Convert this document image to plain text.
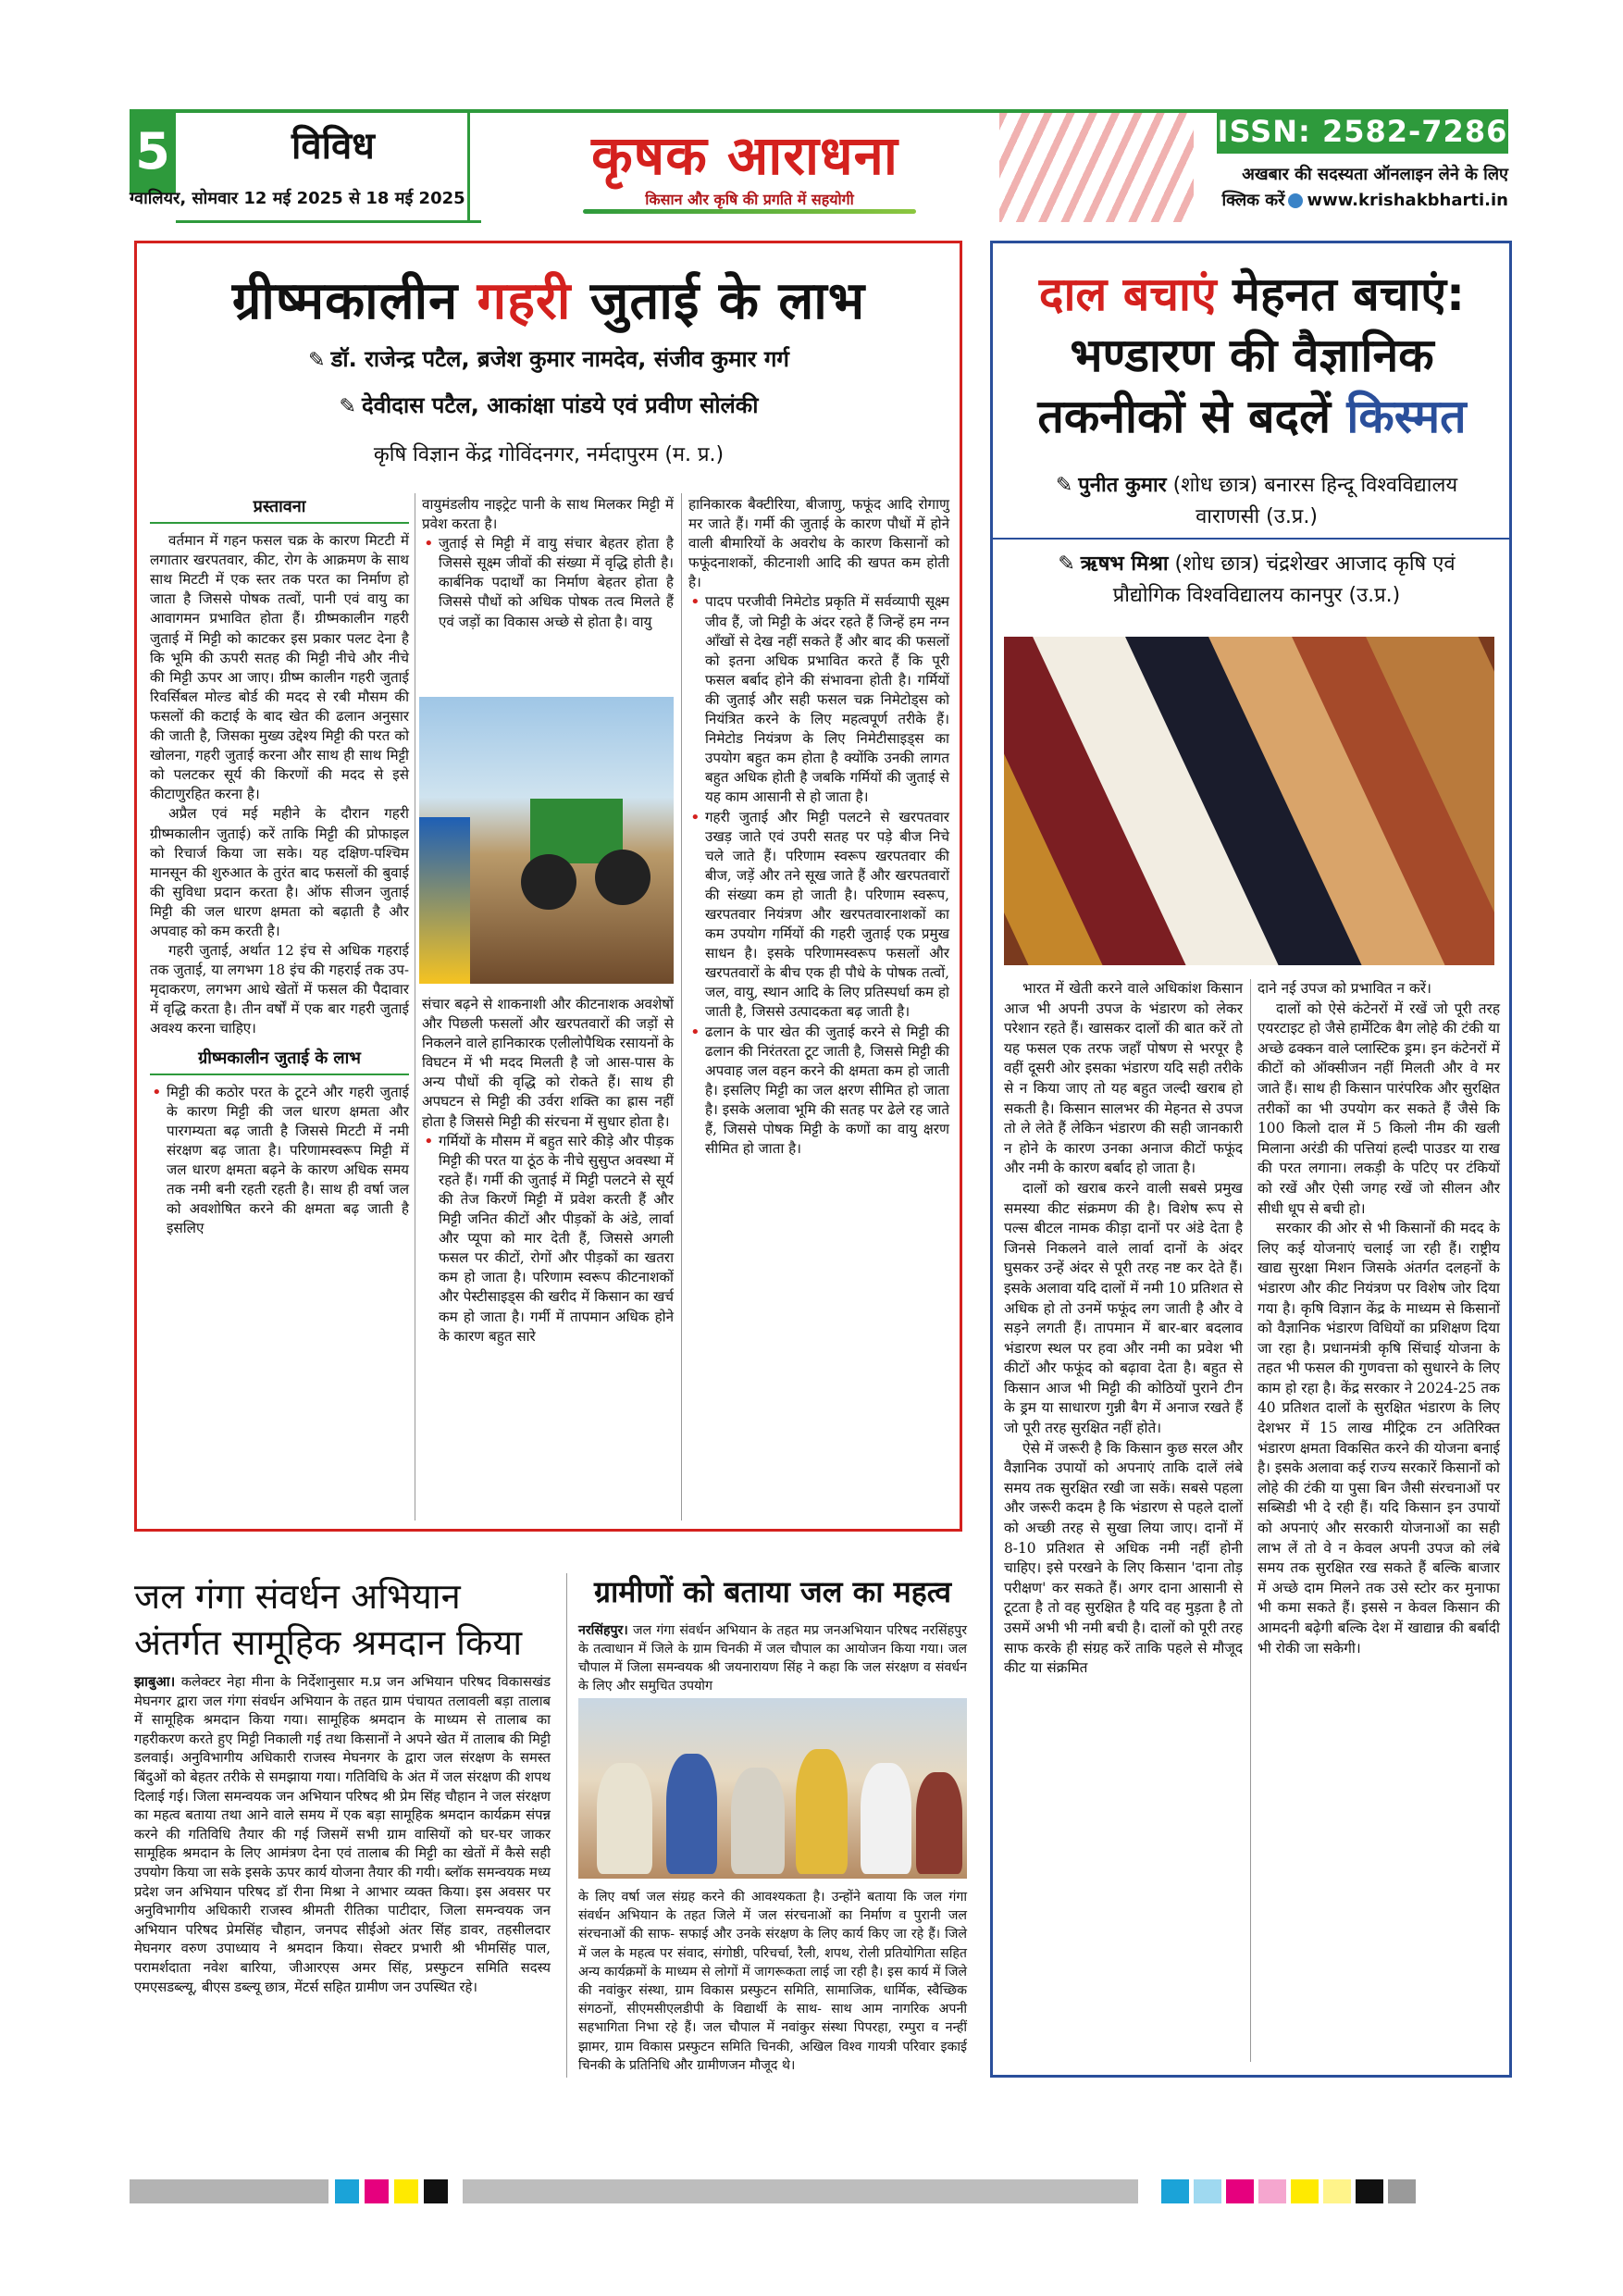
5	विविध
ग्वालियर, सोमवार 12 मई 2025 से 18 मई 2025
कृषक आराधना
किसान और कृषि की प्रगति में सहयोगी
ISSN: 2582-7286
अखबार की सदस्यता ऑनलाइन लेने के लिए
क्लिक करें www.krishakbharti.in
ग्रीष्मकालीन गहरी जुताई के लाभ
✎ डॉ. राजेन्द्र पटैल, ब्रजेश कुमार नामदेव, संजीव कुमार गर्ग
✎ देवीदास पटैल, आकांक्षा पांडये एवं प्रवीण सोलंकी
कृषि विज्ञान केंद्र गोविंदनगर, नर्मदापुरम (म. प्र.)
प्रस्तावना

वर्तमान में गहन फसल चक्र के कारण मिटटी में लगातार खरपतवार, कीट, रोग के आक्रमण के साथ साथ मिटटी में एक स्तर तक परत का निर्माण हो जाता है जिससे पोषक तत्वों, पानी एवं वायु का आवागमन प्रभावित होता हैं। ग्रीष्मकालीन गहरी जुताई में मिट्टी को काटकर इस प्रकार पलट देना है कि भूमि की ऊपरी सतह की मिट्टी नीचे और नीचे की मिट्टी ऊपर आ जाए। ग्रीष्म कालीन गहरी जुताई रिवर्सिबल मोल्ड बोर्ड की मदद से रबी मौसम की फसलों की कटाई के बाद खेत की ढलान अनुसार की जाती है, जिसका मुख्य उद्देश्य मिट्टी की परत को खोलना, गहरी जुताई करना और साथ ही साथ मिट्टी को पलटकर सूर्य की किरणों की मदद से इसे कीटाणुरहित करना है।

अप्रैल एवं मई महीने के दौरान गहरी ग्रीष्मकालीन जुताई) करें ताकि मिट्टी की प्रोफाइल को रिचार्ज किया जा सके। यह दक्षिण-पश्चिम मानसून की शुरुआत के तुरंत बाद फसलों की बुवाई की सुविधा प्रदान करता है। ऑफ सीजन जुताई मिट्टी की जल धारण क्षमता को बढ़ाती है और अपवाह को कम करती है।

गहरी जुताई, अर्थात 12 इंच से अधिक गहराई तक जुताई, या लगभग 18 इंच की गहराई तक उप-मृदाकरण, लगभग आधे खेतों में फसल की पैदावार में वृद्धि करता है। तीन वर्षों में एक बार गहरी जुताई अवश्य करना चाहिए।

ग्रीष्मकालीन जुताई के लाभ
• मिट्टी की कठोर परत के टूटने और गहरी जुताई के कारण मिट्टी की जल धारण क्षमता और पारगम्यता बढ़ जाती है जिससे मिटटी में नमी संरक्षण बढ़ जाता है। परिणामस्वरूप मिट्टी में जल धारण क्षमता बढ़ने के कारण अधिक समय तक नमी बनी रहती रहती है। साथ ही वर्षा जल को अवशोषित करने की क्षमता बढ़ जाती है इसलिए

वायुमंडलीय नाइट्रेट पानी के साथ मिलकर मिट्टी में प्रवेश करता है।

• जुताई से मिट्टी में वायु संचार बेहतर होता है जिससे सूक्ष्म जीवों की संख्या में वृद्धि होती है। कार्बनिक पदार्थों का निर्माण बेहतर होता है जिससे पौधों को अधिक पोषक तत्व मिलते हैं एवं जड़ों का विकास अच्छे से होता है। वायु

संचार बढ़ने से शाकनाशी और कीटनाशक अवशेषों और पिछली फसलों और खरपतवारों की जड़ों से निकलने वाले हानिकारक एलीलोपैथिक रसायनों के विघटन में भी मदद मिलती है जो आस-पास के अन्य पौधों की वृद्धि को रोकते हैं। साथ ही अपघटन से मिट्टी की उर्वरा शक्ति का ह्रास नहीं होता है जिससे मिट्टी की संरचना में सुधार होता है।

• गर्मियों के मौसम में बहुत सारे कीड़े और पीड़क मिट्टी की परत या ठूंठ के नीचे सुसुप्त अवस्था में रहते हैं। गर्मी की जुताई में मिट्टी पलटने से सूर्य की तेज किरणें मिट्टी में प्रवेश करती हैं और मिट्टी जनित कीटों और पीड़कों के अंडे, लार्वा और प्यूपा को मार देती हैं, जिससे अगली फसल पर कीटों, रोगों और पीड़कों का खतरा कम हो जाता है। परिणाम स्वरूप कीटनाशकों और पेस्टीसाइड्स की खरीद में किसान का खर्च कम हो जाता है। गर्मी में तापमान अधिक होने के कारण बहुत सारे

हानिकारक बैक्टीरिया, बीजाणु, फफूंद आदि रोगाणु मर जाते हैं। गर्मी की जुताई के कारण पौधों में होने वाली बीमारियों के अवरोध के कारण किसानों को फफूंदनाशकों, कीटनाशी आदि की खपत कम होती है।

• पादप परजीवी निमेटोड प्रकृति में सर्वव्यापी सूक्ष्म जीव हैं, जो मिट्टी के अंदर रहते हैं जिन्हें हम नग्न आँखों से देख नहीं सकते हैं और बाद की फसलों को इतना अधिक प्रभावित करते हैं कि पूरी फसल बर्बाद होने की संभावना होती है। गर्मियों की जुताई और सही फसल चक्र निमेटोड्स को नियंत्रित करने के लिए महत्वपूर्ण तरीके हैं। निमेटोड नियंत्रण के लिए निमेटीसाइड्स का उपयोग बहुत कम होता है क्योंकि उनकी लागत बहुत अधिक होती है जबकि गर्मियों की जुताई से यह काम आसानी से हो जाता है।
• गहरी जुताई और मिट्टी पलटने से खरपतवार उखड़ जाते एवं उपरी सतह पर पड़े बीज निचे चले जाते हैं। परिणाम स्वरूप खरपतवार की बीज, जड़ें और तने सूख जाते हैं और खरपतवारों की संख्या कम हो जाती है। परिणाम स्वरूप, खरपतवार नियंत्रण और खरपतवारनाशकों का कम उपयोग गर्मियों की गहरी जुताई एक प्रमुख साधन है। इसके परिणामस्वरूप फसलों और खरपतवारों के बीच एक ही पौधे के पोषक तत्वों, जल, वायु, स्थान आदि के लिए प्रतिस्पर्धा कम हो जाती है, जिससे उत्पादकता बढ़ जाती है।
• ढलान के पार खेत की जुताई करने से मिट्टी की ढलान की निरंतरता टूट जाती है, जिससे मिट्टी की अपवाह जल वहन करने की क्षमता कम हो जाती है। इसलिए मिट्टी का जल क्षरण सीमित हो जाता है। इसके अलावा भूमि की सतह पर ढेले रह जाते हैं, जिससे पोषक मिट्टी के कणों का वायु क्षरण सीमित हो जाता है।
दाल बचाएं मेहनत बचाएं:
भण्डारण की वैज्ञानिक
तकनीकों से बदलें किस्मत
✎ पुनीत कुमार (शोध छात्र) बनारस हिन्दू विश्वविद्यालय वाराणसी (उ.प्र.)
✎ ऋषभ मिश्रा (शोध छात्र) चंद्रशेखर आजाद कृषि एवं प्रौद्योगिक विश्वविद्यालय कानपुर (उ.प्र.)

भारत में खेती करने वाले अधिकांश किसान आज भी अपनी उपज के भंडारण को लेकर परेशान रहते हैं। खासकर दालों की बात करें तो यह फसल एक तरफ जहाँ पोषण से भरपूर है वहीं दूसरी ओर इसका भंडारण यदि सही तरीके से न किया जाए तो यह बहुत जल्दी खराब हो सकती है। किसान सालभर की मेहनत से उपज तो ले लेते हैं लेकिन भंडारण की सही जानकारी न होने के कारण उनका अनाज कीटों फफूंद और नमी के कारण बर्बाद हो जाता है।

दालों को खराब करने वाली सबसे प्रमुख समस्या कीट संक्रमण की है। विशेष रूप से पल्स बीटल नामक कीड़ा दानों पर अंडे देता है जिनसे निकलने वाले लार्वा दानों के अंदर घुसकर उन्हें अंदर से पूरी तरह नष्ट कर देते हैं। इसके अलावा यदि दालों में नमी 10 प्रतिशत से अधिक हो तो उनमें फफूंद लग जाती है और वे सड़ने लगती हैं। तापमान में बार-बार बदलाव भंडारण स्थल पर हवा और नमी का प्रवेश भी कीटों और फफूंद को बढ़ावा देता है। बहुत से किसान आज भी मिट्टी की कोठियों पुराने टीन के ड्रम या साधारण गुन्नी बैग में अनाज रखते हैं जो पूरी तरह सुरक्षित नहीं होते।

ऐसे में जरूरी है कि किसान कुछ सरल और वैज्ञानिक उपायों को अपनाएं ताकि दालें लंबे समय तक सुरक्षित रखी जा सकें। सबसे पहला और जरूरी कदम है कि भंडारण से पहले दालों को अच्छी तरह से सुखा लिया जाए। दानों में 8-10 प्रतिशत से अधिक नमी नहीं होनी चाहिए। इसे परखने के लिए किसान 'दाना तोड़ परीक्षण' कर सकते हैं। अगर दाना आसानी से टूटता है तो वह सुरक्षित है यदि वह मुड़ता है तो उसमें अभी भी नमी बची है। दालों को पूरी तरह साफ करके ही संग्रह करें ताकि पहले से मौजूद कीट या संक्रमित

दाने नई उपज को प्रभावित न करें।

दालों को ऐसे कंटेनरों में रखें जो पूरी तरह एयरटाइट हो जैसे हार्मेटिक बैग लोहे की टंकी या अच्छे ढक्कन वाले प्लास्टिक ड्रम। इन कंटेनरों में कीटों को ऑक्सीजन नहीं मिलती और वे मर जाते हैं। साथ ही किसान पारंपरिक और सुरक्षित तरीकों का भी उपयोग कर सकते हैं जैसे कि 100 किलो दाल में 5 किलो नीम की खली मिलाना अरंडी की पत्तियां हल्दी पाउडर या राख की परत लगाना। लकड़ी के पटिए पर टंकियों को रखें और ऐसी जगह रखें जो सीलन और सीधी धूप से बची हो।

सरकार की ओर से भी किसानों की मदद के लिए कई योजनाएं चलाई जा रही हैं। राष्ट्रीय खाद्य सुरक्षा मिशन जिसके अंतर्गत दलहनों के भंडारण और कीट नियंत्रण पर विशेष जोर दिया गया है। कृषि विज्ञान केंद्र के माध्यम से किसानों को वैज्ञानिक भंडारण विधियों का प्रशिक्षण दिया जा रहा है। प्रधानमंत्री कृषि सिंचाई योजना के तहत भी फसल की गुणवत्ता को सुधारने के लिए काम हो रहा है। केंद्र सरकार ने 2024-25 तक 40 प्रतिशत दालों के सुरक्षित भंडारण के लिए देशभर में 15 लाख मीट्रिक टन अतिरिक्त भंडारण क्षमता विकसित करने की योजना बनाई है। इसके अलावा कई राज्य सरकारें किसानों को लोहे की टंकी या पुसा बिन जैसी संरचनाओं पर सब्सिडी भी दे रही हैं। यदि किसान इन उपायों को अपनाएं और सरकारी योजनाओं का सही लाभ लें तो वे न केवल अपनी उपज को लंबे समय तक सुरक्षित रख सकते हैं बल्कि बाजार में अच्छे दाम मिलने तक उसे स्टोर कर मुनाफा भी कमा सकते हैं। इससे न केवल किसान की आमदनी बढ़ेगी बल्कि देश में खाद्यान्न की बर्बादी भी रोकी जा सकेगी।

जल गंगा संवर्धन अभियान
अंतर्गत सामूहिक श्रमदान किया
झाबुआ। कलेक्टर नेहा मीना के निर्देशानुसार म.प्र जन अभियान परिषद विकासखंड मेघनगर द्वारा जल गंगा संवर्धन अभियान के तहत ग्राम पंचायत तलावली बड़ा तालाब में सामूहिक श्रमदान किया गया। सामूहिक श्रमदान के माध्यम से तालाब का गहरीकरण करते हुए मिट्टी निकाली गई तथा किसानों ने अपने खेत में तालाब की मिट्टी डलवाई। अनुविभागीय अधिकारी राजस्व मेघनगर के द्वारा जल संरक्षण के समस्त बिंदुओं को बेहतर तरीके से समझाया गया। गतिविधि के अंत में जल संरक्षण की शपथ दिलाई गई। जिला समन्वयक जन अभियान परिषद श्री प्रेम सिंह चौहान ने जल संरक्षण का महत्व बताया तथा आने वाले समय में एक बड़ा सामूहिक श्रमदान कार्यक्रम संपन्न करने की गतिविधि तैयार की गई जिसमें सभी ग्राम वासियों को घर-घर जाकर सामूहिक श्रमदान के लिए आमंत्रण देना एवं तालाब की मिट्टी का खेतों में कैसे सही उपयोग किया जा सके इसके ऊपर कार्य योजना तैयार की गयी। ब्लॉक समन्वयक मध्य प्रदेश जन अभियान परिषद डॉ रीना मिश्रा ने आभार व्यक्त किया। इस अवसर पर अनुविभागीय अधिकारी राजस्व श्रीमती रीतिका पाटीदार, जिला समन्वयक जन अभियान परिषद प्रेमसिंह चौहान, जनपद सीईओ अंतर सिंह डावर, तहसीलदार मेघनगर वरुण उपाध्याय ने श्रमदान किया। सेक्टर प्रभारी श्री भीमसिंह पाल, परामर्शदाता नवेश बारिया, जीआरएस अमर सिंह, प्रस्फुटन समिति सदस्य एमएसडब्ल्यू, बीएस डब्ल्यू छात्र, मेंटर्स सहित ग्रामीण जन उपस्थित रहे।
ग्रामीणों को बताया जल का महत्व
नरसिंहपुर। जल गंगा संवर्धन अभियान के तहत मप्र जनअभियान परिषद नरसिंहपुर के तत्वाधान में जिले के ग्राम चिनकी में जल चौपाल का आयोजन किया गया। जल चौपाल में जिला समन्वयक श्री जयनारायण सिंह ने कहा कि जल संरक्षण व संवर्धन के लिए और समुचित उपयोग
के लिए वर्षा जल संग्रह करने की आवश्यकता है। उन्होंने बताया कि जल गंगा संवर्धन अभियान के तहत जिले में जल संरचनाओं का निर्माण व पुरानी जल संरचनाओं की साफ- सफाई और उनके संरक्षण के लिए कार्य किए जा रहे हैं। जिले में जल के महत्व पर संवाद, संगोष्ठी, परिचर्चा, रैली, शपथ, रोली प्रतियोगिता सहित अन्य कार्यक्रमों के माध्यम से लोगों में जागरूकता लाई जा रही है। इस कार्य में जिले की नवांकुर संस्था, ग्राम विकास प्रस्फुटन समिति, सामाजिक, धार्मिक, स्वैच्छिक संगठनों, सीएमसीएलडीपी के विद्यार्थी के साथ- साथ आम नागरिक अपनी सहभागिता निभा रहे हैं। जल चौपाल में नवांकुर संस्था पिपरहा, रम्पुरा व नन्हीं झामर, ग्राम विकास प्रस्फुटन समिति चिनकी, अखिल विश्व गायत्री परिवार इकाई चिनकी के प्रतिनिधि और ग्रामीणजन मौजूद थे।
